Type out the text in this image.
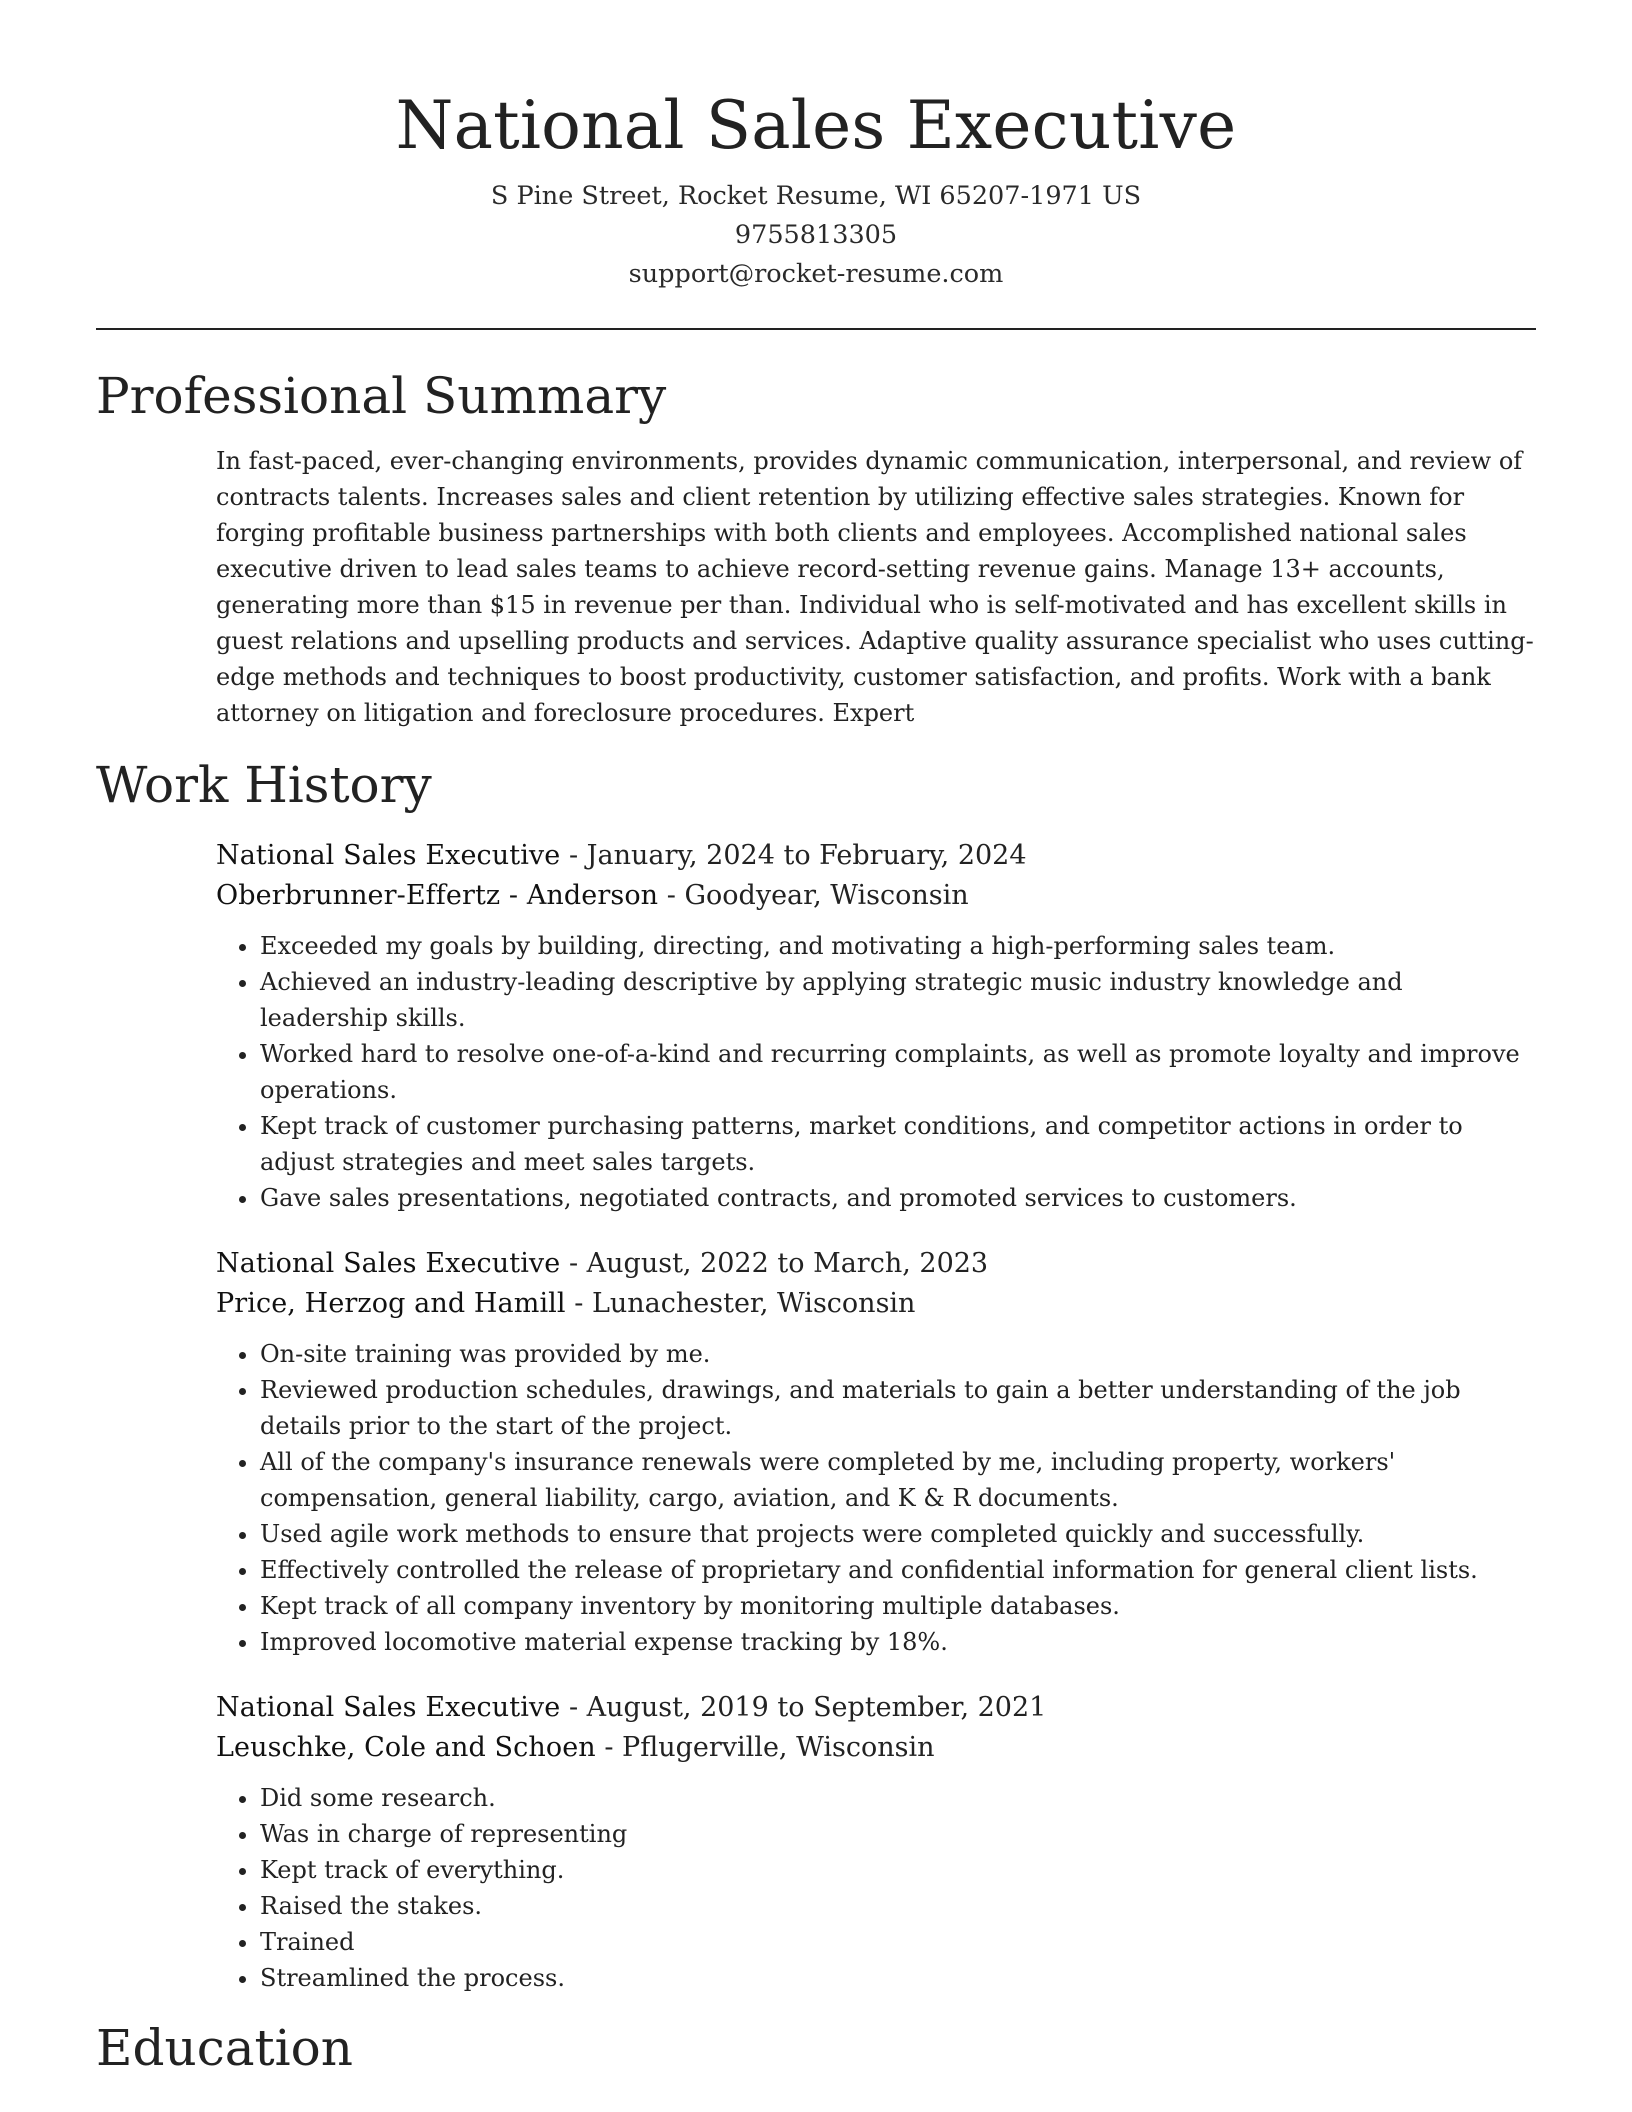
National Sales Executive
S Pine Street, Rocket Resume, WI 65207-1971 US
9755813305
support@rocket-resume.com
Professional Summary

In fast-paced, ever-changing environments, provides dynamic communication, interpersonal, and review of contracts talents. Increases sales and client retention by utilizing effective sales strategies. Known for forging profitable business partnerships with both clients and employees. Accomplished national sales executive driven to lead sales teams to achieve record-setting revenue gains. Manage 13+ accounts, generating more than $15 in revenue per than. Individual who is self-motivated and has excellent skills in guest relations and upselling products and services. Adaptive quality assurance specialist who uses cutting-edge methods and techniques to boost productivity, customer satisfaction, and profits. Work with a bank attorney on litigation and foreclosure procedures. Expert

Work History
National Sales Executive - January, 2024 to February, 2024
Oberbrunner-Effertz - Anderson - Goodyear, Wisconsin
• Exceeded my goals by building, directing, and motivating a high-performing sales team.
• Achieved an industry-leading descriptive by applying strategic music industry knowledge and leadership skills.
• Worked hard to resolve one-of-a-kind and recurring complaints, as well as promote loyalty and improve operations.
• Kept track of customer purchasing patterns, market conditions, and competitor actions in order to adjust strategies and meet sales targets.
• Gave sales presentations, negotiated contracts, and promoted services to customers.
National Sales Executive - August, 2022 to March, 2023
Price, Herzog and Hamill - Lunachester, Wisconsin
• On-site training was provided by me.
• Reviewed production schedules, drawings, and materials to gain a better understanding of the job details prior to the start of the project.
• All of the company's insurance renewals were completed by me, including property, workers' compensation, general liability, cargo, aviation, and K & R documents.
• Used agile work methods to ensure that projects were completed quickly and successfully.
• Effectively controlled the release of proprietary and confidential information for general client lists.
• Kept track of all company inventory by monitoring multiple databases.
• Improved locomotive material expense tracking by 18%.
National Sales Executive - August, 2019 to September, 2021
Leuschke, Cole and Schoen - Pflugerville, Wisconsin
• Did some research.
• Was in charge of representing
• Kept track of everything.
• Raised the stakes.
• Trained
• Streamlined the process.
Education
